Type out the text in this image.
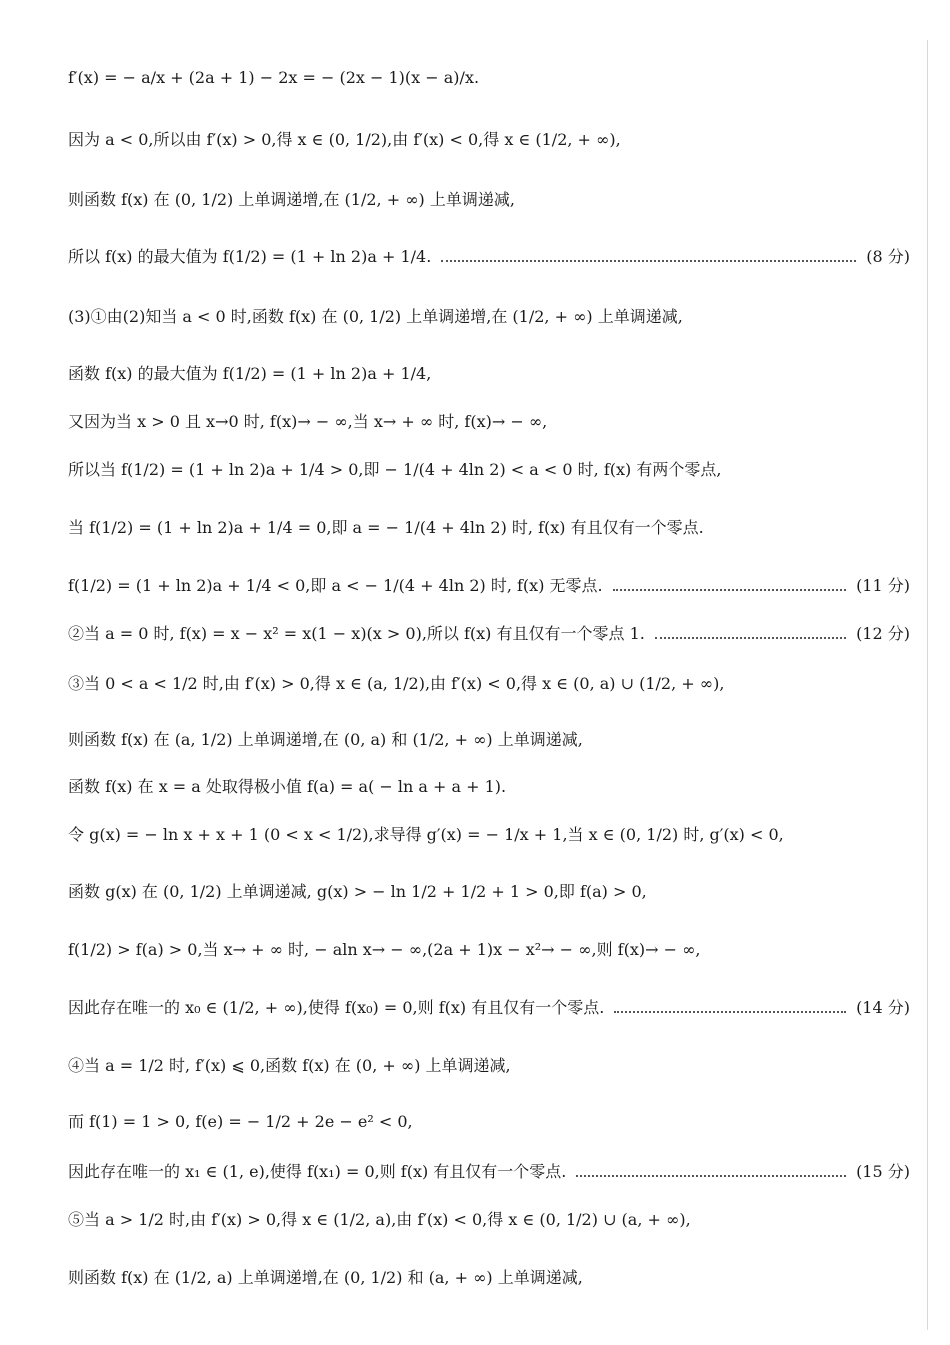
f′(x) = − a/x + (2a + 1) − 2x = − (2x − 1)(x − a)/x.
因为 a < 0,所以由 f′(x) > 0,得 x ∈ (0, 1/2),由 f′(x) < 0,得 x ∈ (1/2, + ∞),
则函数 f(x) 在 (0, 1/2) 上单调递增,在 (1/2, + ∞) 上单调递减,
所以 f(x) 的最大值为 f(1/2) = (1 + ln 2)a + 1/4.	(8 分)
(3)①由(2)知当 a < 0 时,函数 f(x) 在 (0, 1/2) 上单调递增,在 (1/2, + ∞) 上单调递减,
函数 f(x) 的最大值为 f(1/2) = (1 + ln 2)a + 1/4,
又因为当 x > 0 且 x→0 时, f(x)→ − ∞,当 x→ + ∞ 时, f(x)→ − ∞,
所以当 f(1/2) = (1 + ln 2)a + 1/4 > 0,即 − 1/(4 + 4ln 2) < a < 0 时, f(x) 有两个零点,
当 f(1/2) = (1 + ln 2)a + 1/4 = 0,即 a = − 1/(4 + 4ln 2) 时, f(x) 有且仅有一个零点.
f(1/2) = (1 + ln 2)a + 1/4 < 0,即 a < − 1/(4 + 4ln 2) 时, f(x) 无零点.	(11 分)
②当 a = 0 时, f(x) = x − x² = x(1 − x)(x > 0),所以 f(x) 有且仅有一个零点 1.	(12 分)
③当 0 < a < 1/2 时,由 f′(x) > 0,得 x ∈ (a, 1/2),由 f′(x) < 0,得 x ∈ (0, a) ∪ (1/2, + ∞),
则函数 f(x) 在 (a, 1/2) 上单调递增,在 (0, a) 和 (1/2, + ∞) 上单调递减,
函数 f(x) 在 x = a 处取得极小值 f(a) = a( − ln a + a + 1).
令 g(x) = − ln x + x + 1 (0 < x < 1/2),求导得 g′(x) = − 1/x + 1,当 x ∈ (0, 1/2) 时, g′(x) < 0,
函数 g(x) 在 (0, 1/2) 上单调递减, g(x) > − ln 1/2 + 1/2 + 1 > 0,即 f(a) > 0,
f(1/2) > f(a) > 0,当 x→ + ∞ 时, − aln x→ − ∞,(2a + 1)x − x²→ − ∞,则 f(x)→ − ∞,
因此存在唯一的 x₀ ∈ (1/2, + ∞),使得 f(x₀) = 0,则 f(x) 有且仅有一个零点.	(14 分)
④当 a = 1/2 时, f′(x) ⩽ 0,函数 f(x) 在 (0, + ∞) 上单调递减,
而 f(1) = 1 > 0, f(e) = − 1/2 + 2e − e² < 0,
因此存在唯一的 x₁ ∈ (1, e),使得 f(x₁) = 0,则 f(x) 有且仅有一个零点.	(15 分)
⑤当 a > 1/2 时,由 f′(x) > 0,得 x ∈ (1/2, a),由 f′(x) < 0,得 x ∈ (0, 1/2) ∪ (a, + ∞),
则函数 f(x) 在 (1/2, a) 上单调递增,在 (0, 1/2) 和 (a, + ∞) 上单调递减,
